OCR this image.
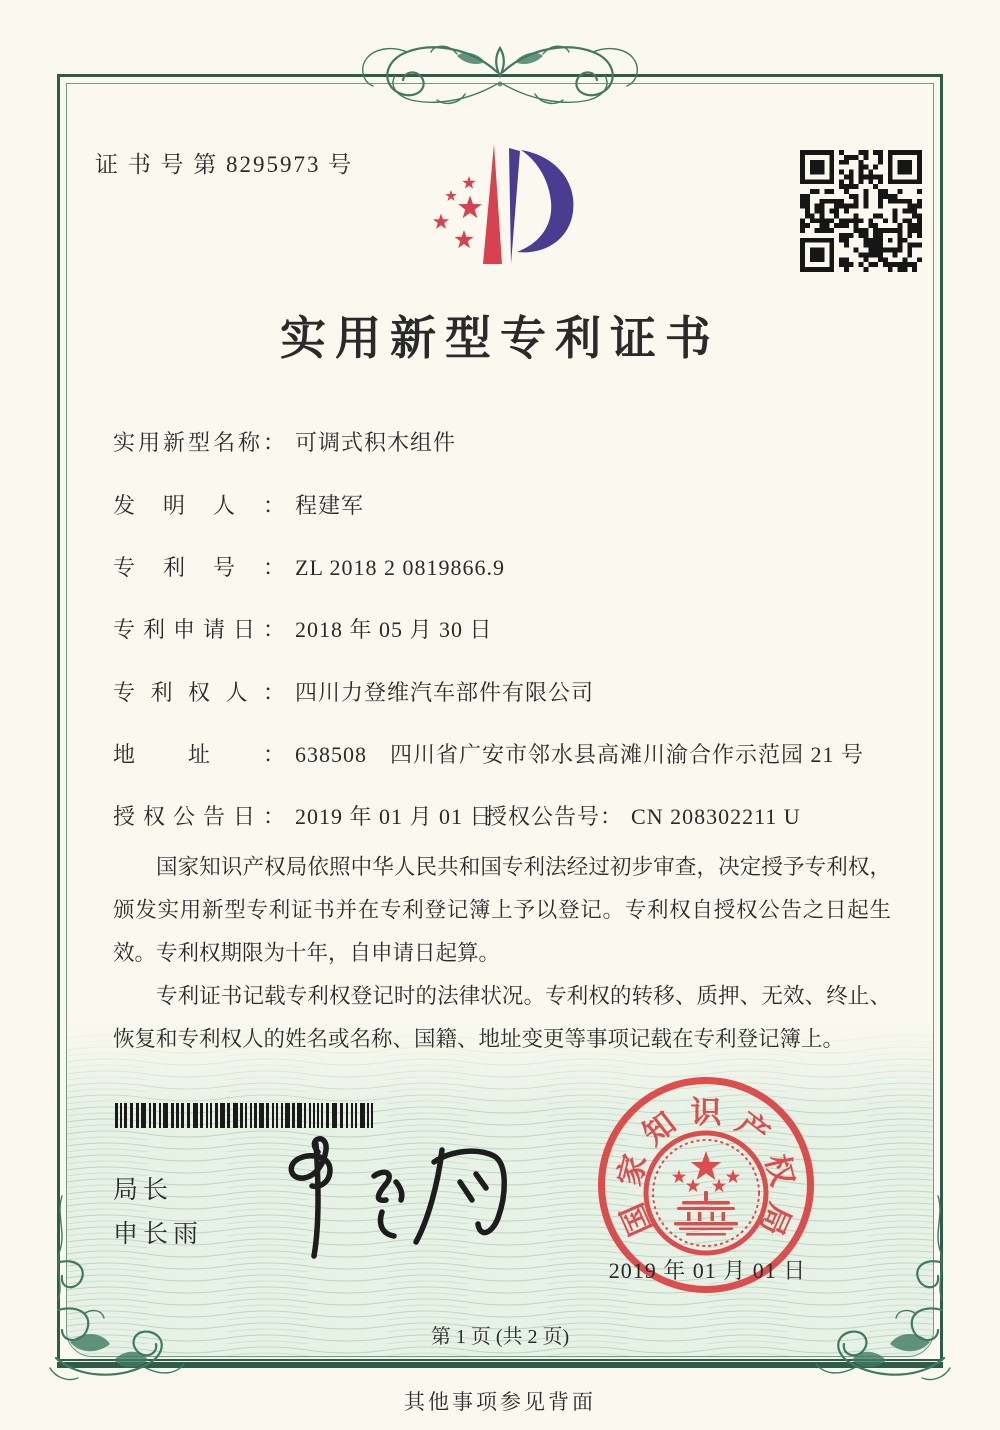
证 书 号 第 8295973 号
实用新型专利证书
实用新型名称： 可调式积木组件
发明人： 程建军
专利号： ZL 2018 2 0819866.9
专利申请日： 2018 年 05 月 30 日
专利权人： 四川力登维汽车部件有限公司
地址： 638508　四川省广安市邻水县高滩川渝合作示范园 21 号
授权公告日： 2019 年 01 月 01 日
授权公告号： CN 208302211 U

国家知识产权局依照中华人民共和国专利法经过初步审查，决定授予专利权，颁发实用新型专利证书并在专利登记簿上予以登记。专利权自授权公告之日起生效。专利权期限为十年，自申请日起算。

专利证书记载专利权登记时的法律状况。专利权的转移、质押、无效、终止、恢复和专利权人的姓名或名称、国籍、地址变更等事项记载在专利登记簿上。

局长
申长雨	国
家
知 识 产
权
局
2019 年 01 月 01 日
第 1 页 (共 2 页)
其他事项参见背面
